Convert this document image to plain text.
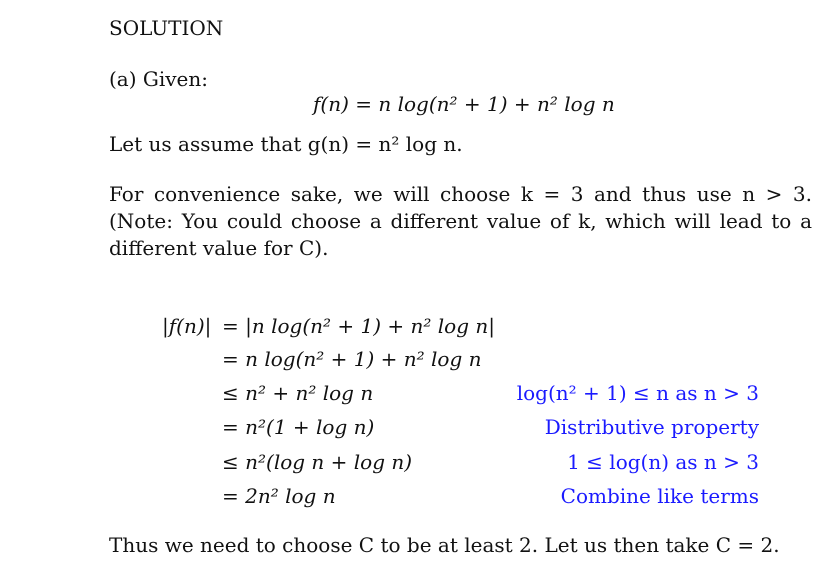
SOLUTION
(a) Given:
f(n) = n log(n² + 1) + n² log n
Let us assume that g(n) = n² log n.
For convenience sake, we will choose k = 3 and thus use n > 3. (Note: You could choose a different value of k, which will lead to a different value for C).
|f(n)| = |n log(n² + 1) + n² log n|
= n log(n² + 1) + n² log n
≤ n² + n² log n	log(n² + 1) ≤ n as n > 3
= n²(1 + log n)	Distributive property
≤ n²(log n + log n)	1 ≤ log(n) as n > 3
= 2n² log n	Combine like terms
Thus we need to choose C to be at least 2. Let us then take C = 2.
